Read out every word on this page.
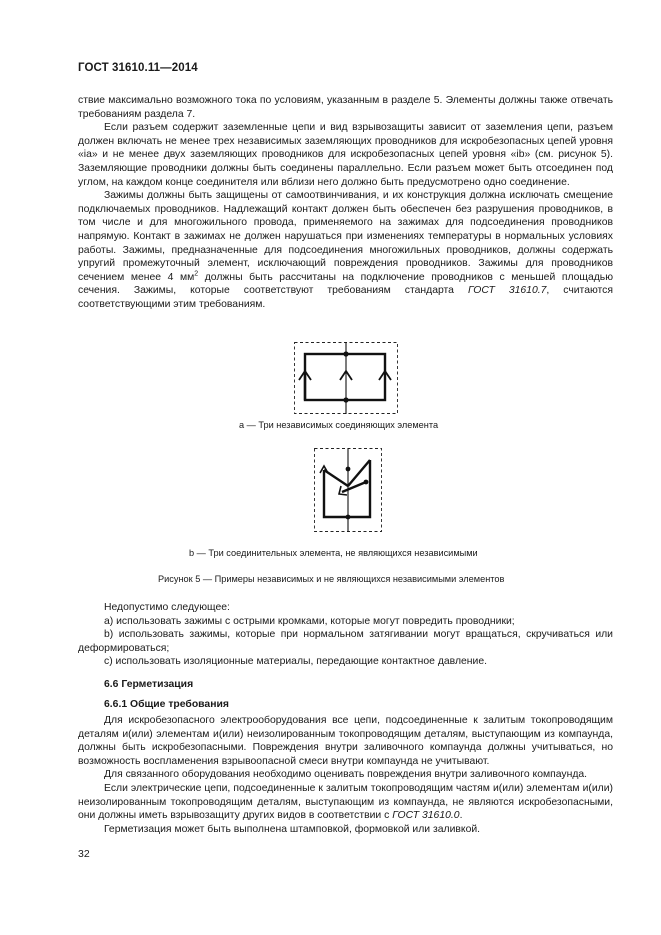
ГОСТ 31610.11—2014

ствие максимально возможного тока по условиям, указанным в разделе 5. Элементы должны также отвечать требованиям раздела 7.

Если разъем содержит заземленные цепи и вид взрывозащиты зависит от заземления цепи, разъем должен включать не менее трех независимых заземляющих проводников для искробезопасных цепей уровня «ia» и не менее двух заземляющих проводников для искробезопасных цепей уровня «ib» (см. рисунок 5). Заземляющие проводники должны быть соединены параллельно. Если разъем может быть отсоединен под углом, на каждом конце соединителя или вблизи него должно быть предусмотрено одно соединение.

Зажимы должны быть защищены от самоотвинчивания, и их конструкция должна исключать смещение подключаемых проводников. Надлежащий контакт должен быть обеспечен без разрушения проводников, в том числе и для многожильного провода, применяемого на зажимах для подсоединения проводников напрямую. Контакт в зажимах не должен нарушаться при изменениях температуры в нормальных условиях работы. Зажимы, предназначенные для подсоединения многожильных проводников, должны содержать упругий промежуточный элемент, исключающий повреждения проводников. Зажимы для проводников сечением менее 4 $мм^2$ должны быть рассчитаны на подключение проводников с меньшей площадью сечения. Зажимы, которые соответствуют требованиям стандарта ГОСТ 31610.7, считаются соответствующими этим требованиям.

а — Три независимых соединяющих элемента
b — Три соединительных элемента, не являющихся независимыми
Рисунок 5 — Примеры независимых и не являющихся независимыми элементов

Недопустимо следующее:

а) использовать зажимы с острыми кромками, которые могут повредить проводники;

b) использовать зажимы, которые при нормальном затягивании могут вращаться, скручиваться или деформироваться;

с) использовать изоляционные материалы, передающие контактное давление.

6.6 Герметизация
6.6.1 Общие требования

Для искробезопасного электрооборудования все цепи, подсоединенные к залитым токопроводящим деталям и(или) элементам и(или) неизолированным токопроводящим деталям, выступающим из компаунда, должны быть искробезопасными. Повреждения внутри заливочного компаунда должны учитываться, но возможность воспламенения взрывоопасной смеси внутри компаунда не учитывают.

Для связанного оборудования необходимо оценивать повреждения внутри заливочного компаунда.

Если электрические цепи, подсоединенные к залитым токопроводящим частям и(или) элементам и(или) неизолированным токопроводящим деталям, выступающим из компаунда, не являются искробезопасными, они должны иметь взрывозащиту других видов в соответствии с ГОСТ 31610.0.

Герметизация может быть выполнена штамповкой, формовкой или заливкой.

32
